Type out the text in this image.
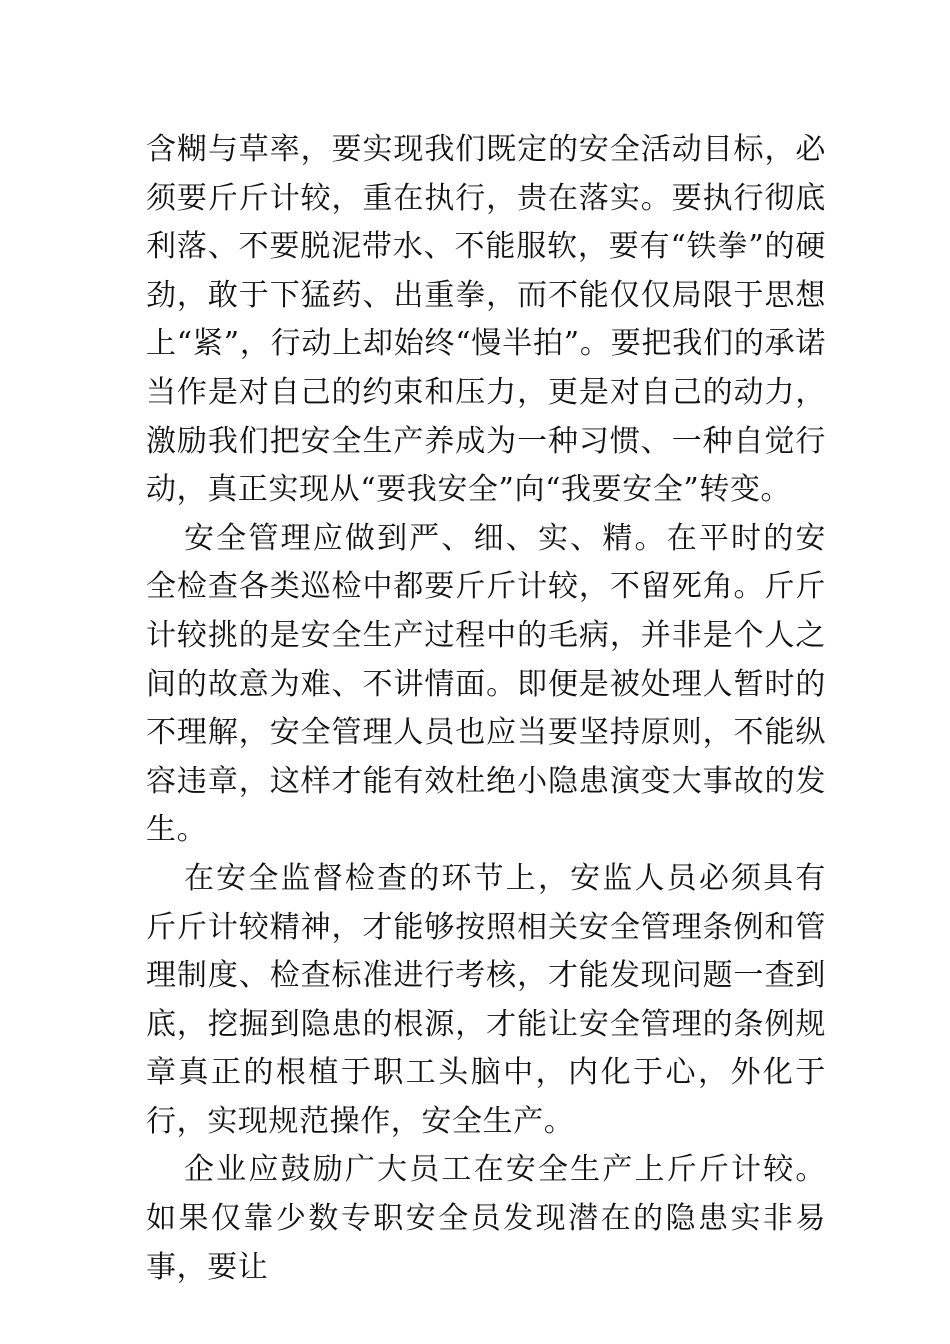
含糊与草率，要实现我们既定的安全活动目标，必须要斤斤计较，重在执行，贵在落实。要执行彻底利落、不要脱泥带水、不能服软，要有“铁拳”的硬劲，敢于下猛药、出重拳，而不能仅仅局限于思想上“紧”，行动上却始终“慢半拍”。要把我们的承诺当作是对自己的约束和压力，更是对自己的动力，激励我们把安全生产养成为一种习惯、一种自觉行动，真正实现从“要我安全”向“我要安全”转变。

安全管理应做到严、细、实、精。在平时的安全检查各类巡检中都要斤斤计较，不留死角。斤斤计较挑的是安全生产过程中的毛病，并非是个人之间的故意为难、不讲情面。即便是被处理人暂时的不理解，安全管理人员也应当要坚持原则，不能纵容违章，这样才能有效杜绝小隐患演变大事故的发生。

在安全监督检查的环节上，安监人员必须具有斤斤计较精神，才能够按照相关安全管理条例和管理制度、检查标准进行考核，才能发现问题一查到底，挖掘到隐患的根源，才能让安全管理的条例规章真正的根植于职工头脑中，内化于心，外化于行，实现规范操作，安全生产。

企业应鼓励广大员工在安全生产上斤斤计较。如果仅靠少数专职安全员发现潜在的隐患实非易事，要让
